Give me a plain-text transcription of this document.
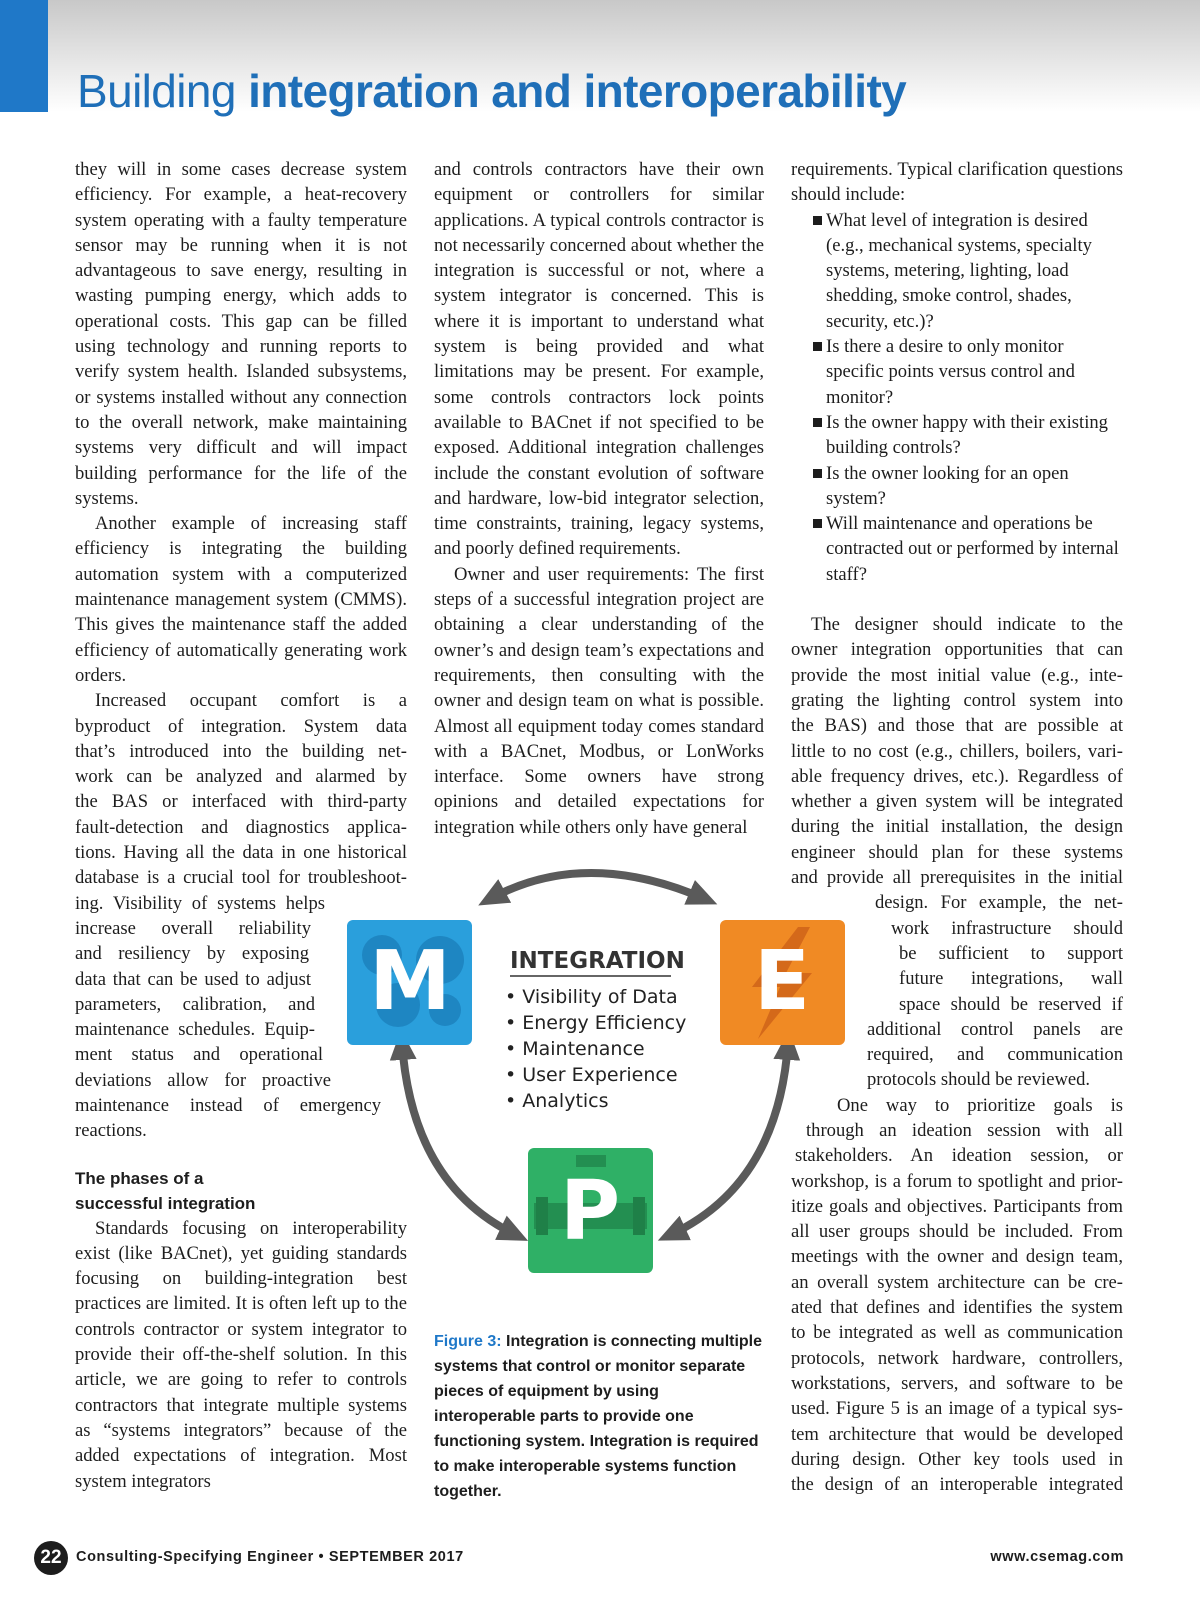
Building integration and interoperability

they will in some cases decrease system efficiency. For example, a heat-recovery system operating with a faulty temperature sensor may be running when it is not advantageous to save energy, resulting in wasting pumping energy, which adds to operational costs. This gap can be filled using technology and running reports to verify system health. Islanded subsystems, or systems installed without any connection to the overall network, make maintaining systems very difficult and will impact building performance for the life of the systems.

Another example of increasing staff efficiency is integrating the building automation system with a computerized maintenance management system (CMMS). This gives the maintenance staff the added efficiency of automatically generating work orders.

Increased occupant comfort is a
byproduct of integration. System data
that’s introduced into the building net-
work can be analyzed and alarmed by
the BAS or interfaced with third-party
fault-detection and diagnostics applica-
tions. Having all the data in one historical
database is a crucial tool for troubleshoot-
ing. Visibility of systems helps
increase overall reliability
and resiliency by exposing
data that can be used to adjust
parameters, calibration, and
maintenance schedules. Equip-
ment status and operational
deviations allow for proactive
maintenance instead of emergency
reactions.

The phases of a
successful integration

Standards focusing on interoperability exist (like BACnet), yet guiding standards focusing on building-integration best practices are limited. It is often left up to the controls contractor or system integrator to provide their off-the-shelf solution. In this article, we are going to refer to controls contractors that integrate multiple systems as “systems integrators” because of the added expectations of integration. Most system integrators

and controls contractors have their own equipment or controllers for similar applications. A typical controls contractor is not necessarily concerned about whether the integration is successful or not, where a system integrator is concerned. This is where it is important to understand what system is being provided and what limitations may be present. For example, some controls contractors lock points available to BACnet if not specified to be exposed. Additional integration challenges include the constant evolution of software and hardware, low-bid integrator selection, time constraints, training, legacy systems, and poorly defined requirements.

Owner and user requirements: The first steps of a successful integration project are obtaining a clear understanding of the owner’s and design team’s expectations and requirements, then consulting with the owner and design team on what is possible. Almost all equipment today comes standard with a BACnet, Modbus, or LonWorks interface. Some owners have strong opinions and detailed expectations for integration while others only have general

requirements. Typical clarification questions should include:

What level of integration is desired (e.g., mechanical systems, specialty systems, metering, lighting, load shedding, smoke control, shades, security, etc.)?
Is there a desire to only monitor specific points versus control and monitor?
Is the owner happy with their existing building controls?
Is the owner looking for an open system?
Will maintenance and operations be contracted out or performed by internal staff?
The designer should indicate to the
owner integration opportunities that can
provide the most initial value (e.g., inte-
grating the lighting control system into
the BAS) and those that are possible at
little to no cost (e.g., chillers, boilers, vari-
able frequency drives, etc.). Regardless of
whether a given system will be integrated
during the initial installation, the design
engineer should plan for these systems
and provide all prerequisites in the initial
design. For example, the net-
work infrastructure should
be sufficient to support
future integrations, wall
space should be reserved if
additional control panels are
required, and communication
protocols should be reviewed.
One way to prioritize goals is
through an ideation session with all
stakeholders. An ideation session, or
workshop, is a forum to spotlight and prior-
itize goals and objectives. Participants from
all user groups should be included. From
meetings with the owner and design team,
an overall system architecture can be cre-
ated that defines and identifies the system
to be integrated as well as communication
protocols, network hardware, controllers,
workstations, servers, and software to be
used. Figure 5 is an image of a typical sys-
tem architecture that would be developed
during design. Other key tools used in
the design of an interoperable integrated
M	E
P
INTEGRATION
• Visibility of Data
• Energy Efficiency
• Maintenance
• User Experience
• Analytics
Figure 3: Integration is connecting multiple systems that control or monitor separate pieces of equipment by using interoperable parts to provide one functioning system. Integration is required to make interoperable systems function together.
22 Consulting-Specifying Engineer • SEPTEMBER 2017	www.csemag.com
